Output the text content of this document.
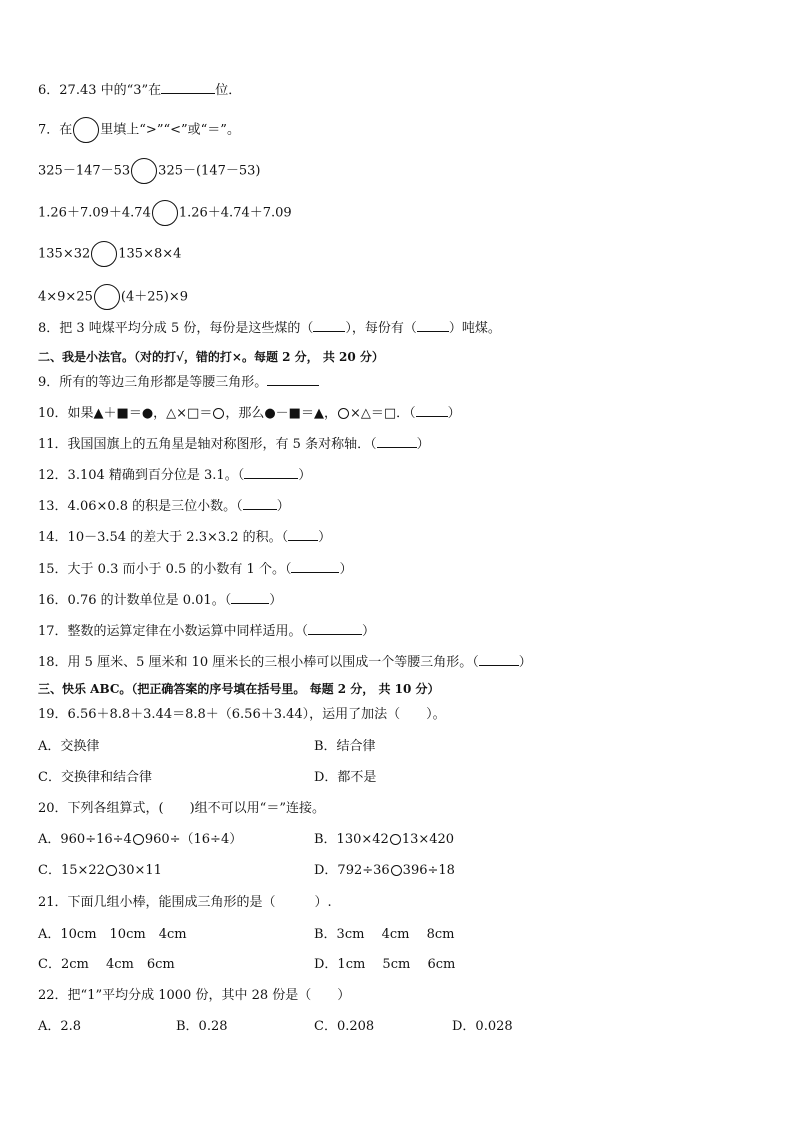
6．27.43 中的“3”在	位．
7．在 里填上“>”“<”或“＝”。
325－147－53 325－(147－53)
1.26＋7.09＋4.74 1.26＋4.74＋7.09
135×32 135×8×4
4×9×25 (4＋25)×9
8．把 3 吨煤平均分成 5 份，每份是这些煤的（ ），每份有（ ）吨煤。
二、我是小法官。（对的打√，错的打×。每题 2 分， 共 20 分）
9．所有的等边三角形都是等腰三角形。
10．如果▲＋■＝●，△×□＝ ，那么●－■＝▲， ×△＝□．（ ）
11．我国国旗上的五角星是轴对称图形，有 5 条对称轴．（	）
12．3.104 精确到百分位是 3.1。（	）
13．4.06×0.8 的积是三位小数。（	）
14．10－3.54 的差大于 2.3×3.2 的积。（ ）
15．大于 0.3 而小于 0.5 的小数有 1 个。（	）
16．0.76 的计数单位是 0.01。（	）
17．整数的运算定律在小数运算中同样适用。（	）
18．用 5 厘米、5 厘米和 10 厘米长的三根小棒可以围成一个等腰三角形。（	）
三、快乐 ABC。（把正确答案的序号填在括号里。 每题 2 分， 共 10 分）
19．6.56＋8.8＋3.44＝8.8＋（6.56＋3.44），运用了加法（　　）。
A．交换律	B．结合律
C．交换律和结合律	D．都不是
20．下列各组算式，(　　)组不可以用“＝”连接。
A．960÷16÷4 960÷（16÷4）	B．130×42 13×420
C．15×22 30×11	D．792÷36 396÷18
21．下面几组小棒，能围成三角形的是（　　　）.
A．10cm　10cm　4cm	B．3cm　 4cm　 8cm
C．2cm　 4cm　6cm	D．1cm　 5cm　 6cm
22．把“1”平均分成 1000 份，其中 28 份是（　　）
A．2.8	B．0.28	C．0.208	D．0.028
